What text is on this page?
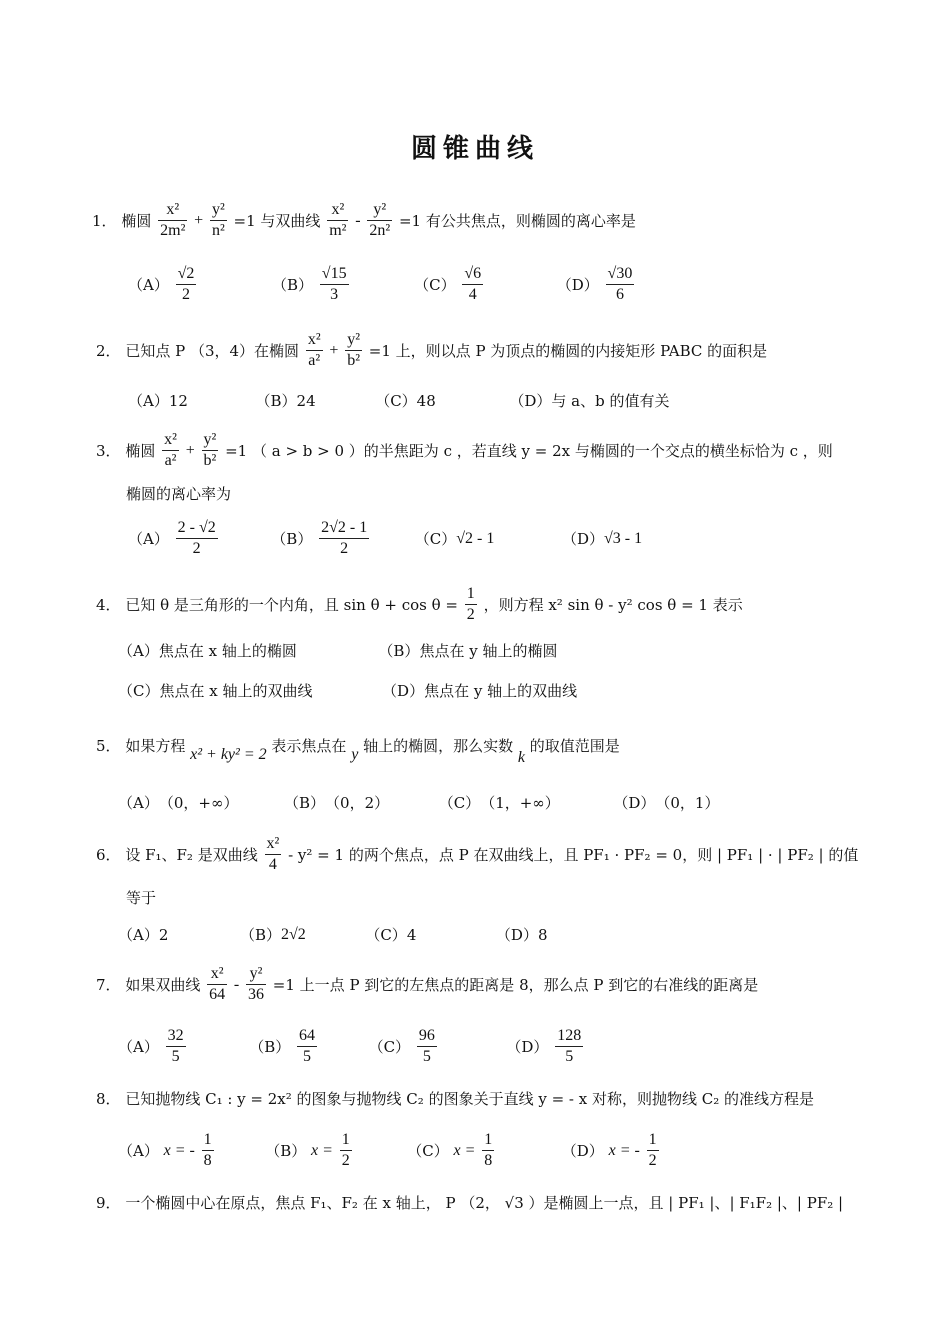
圆锥曲线
1． 椭圆 $\frac{\text{x²}}{\text{2m²}} + \frac{\text{y²}}{\text{n²}} =1$ 与双曲线 $\frac{\text{x²}}{\text{m²}} - \frac{\text{y²}}{\text{2n²}} =1$ 有公共焦点，则椭圆的离心率是
$(A) \frac{√2}{2}$	$(B) \frac{√15}{3}$	$(C) \frac{√6}{4}$	$(D) \frac{√30}{6}$
2． 已知点 P （3，4）在椭圆 $\frac{\text{x²}}{\text{a²}} + \frac{\text{y²}}{\text{b²}} =1$ 上，则以点 P 为顶点的椭圆的内接矩形 PABC 的面积是
（A）12	（B）24	（C）48	（D）与 a、b 的值有关
3． 椭圆 $\frac{\text{x²}}{\text{a²}} + \frac{\text{y²}}{\text{b²}} =1$ （ a > b > 0 ）的半焦距为 c ，若直线 y = 2x 与椭圆的一个交点的横坐标恰为 c ，则
椭圆的离心率为
$(A) \frac{2 - √2}{2}$	$(B) \frac{2√2 - 1}{2}$	（C）√2 - 1	（D）√3 - 1
4． 已知 θ 是三角形的一个内角，且 $\sin \theta + \cos \theta = \frac{1}{2}$ ，则方程 x² sin θ - y² cos θ = 1 表示
（A）焦点在 x 轴上的椭圆	（B）焦点在 y 轴上的椭圆
（C）焦点在 x 轴上的双曲线	（D）焦点在 y 轴上的双曲线
5． 如果方程 x² + ky² = 2 表示焦点在 y 轴上的椭圆，那么实数 k 的取值范围是
（A）（0，+∞）	（B）（0，2）	（C）（1，+∞）	（D）（0，1）
6． 设 F₁、F₂ 是双曲线 $\frac{\text{x²}}{4} - y^2 = 1$ 的两个焦点，点 P 在双曲线上，且 PF₁ · PF₂ = 0，则 | PF₁ | · | PF₂ | 的值
等于
（A）2	（B）2√2	（C）4	（D）8
7． 如果双曲线 $\frac{\text{x²}}{64} - \frac{\text{y²}}{36} =1$ 上一点 P 到它的左焦点的距离是 8，那么点 P 到它的右准线的距离是
$(A) \frac{32}{5}$	$(B) \frac{64}{5}$	$(C) \frac{96}{5}$	$(D) \frac{128}{5}$
8． 已知抛物线 C₁ : y = 2x² 的图象与抛物线 C₂ 的图象关于直线 y = - x 对称，则抛物线 C₂ 的准线方程是
（A） x = - $\frac{1}{8}$	（B） $x = \frac{1}{2}$	（C） $x = \frac{1}{8}$	（D） x = - $\frac{1}{2}$
9． 一个椭圆中心在原点，焦点 F₁、F₂ 在 x 轴上， P （2， √3 ）是椭圆上一点，且 | PF₁ |、| F₁F₂ |、| PF₂ |
